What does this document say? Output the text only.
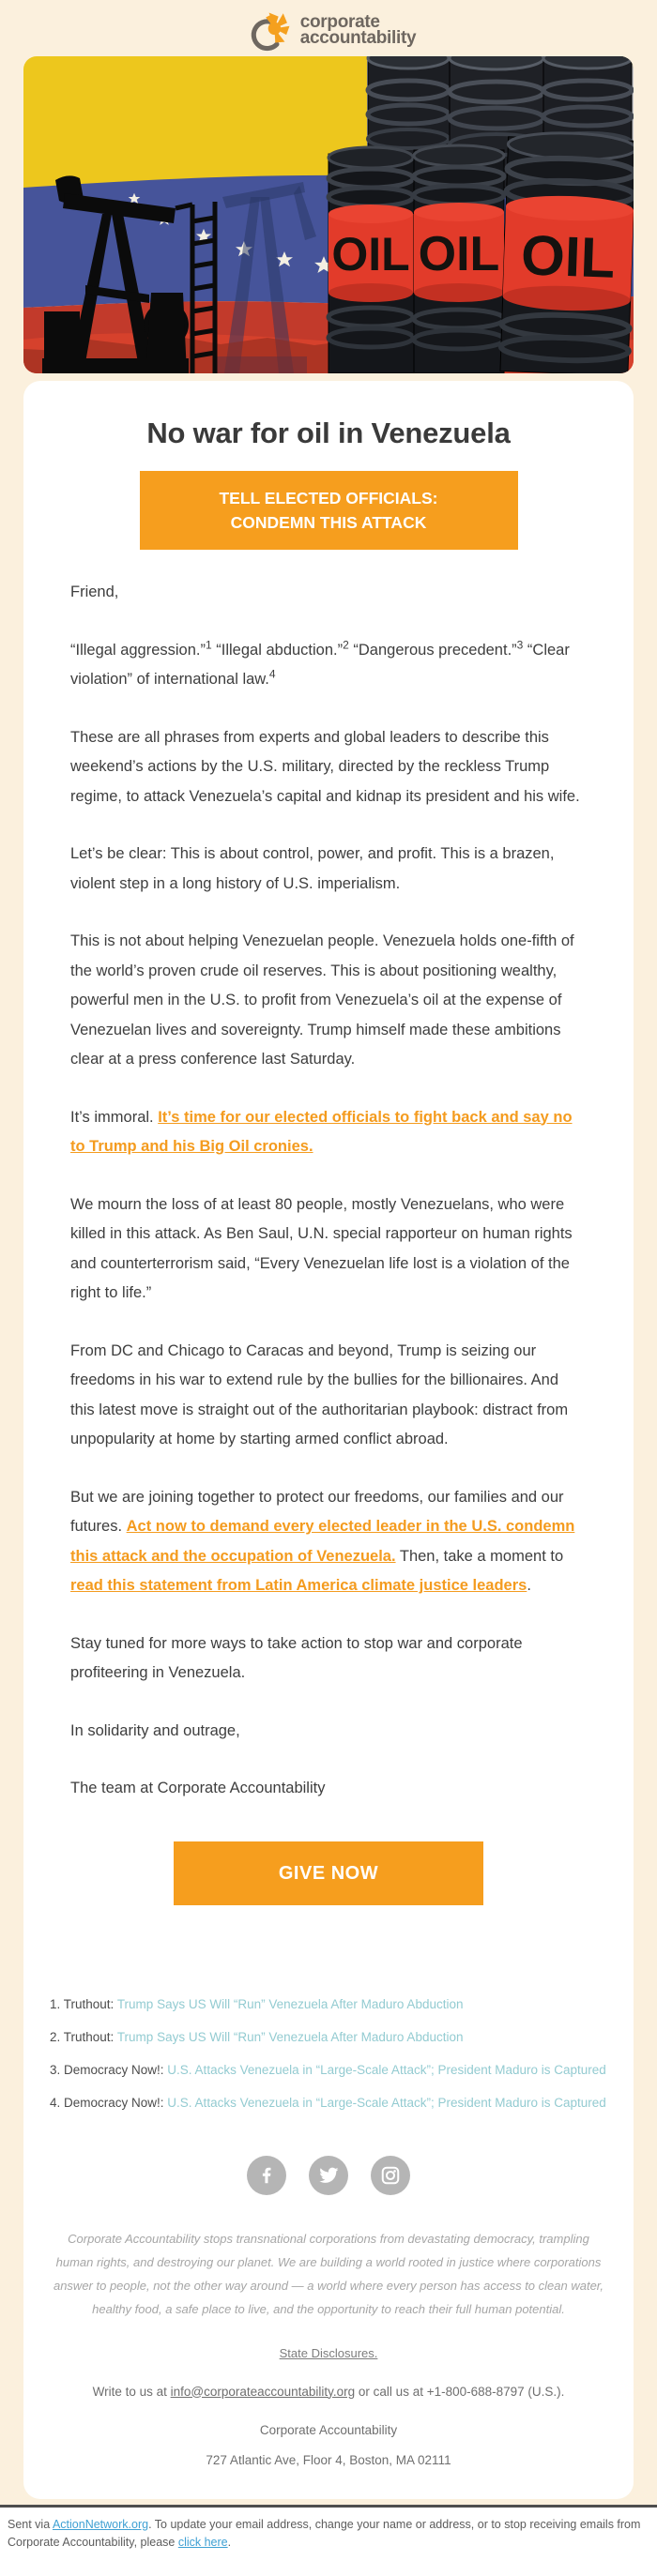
corporate
accountability
OIL OIL OIL
No war for oil in Venezuela
TELL ELECTED OFFICIALS:
CONDEMN THIS ATTACK

Friend,

“Illegal aggression.”$^1$ “Illegal abduction.”$^2$ “Dangerous precedent.”$^3$ “Clear violation” of international law.$^4$

These are all phrases from experts and global leaders to describe this weekend’s actions by the U.S. military, directed by the reckless Trump regime, to attack Venezuela’s capital and kidnap its president and his wife.

Let’s be clear: This is about control, power, and profit. This is a brazen, violent step in a long history of U.S. imperialism.

This is not about helping Venezuelan people. Venezuela holds one-fifth of the world’s proven crude oil reserves. This is about positioning wealthy, powerful men in the U.S. to profit from Venezuela’s oil at the expense of Venezuelan lives and sovereignty. Trump himself made these ambitions clear at a press conference last Saturday.

It’s immoral. It’s time for our elected officials to fight back and say no to Trump and his Big Oil cronies.

We mourn the loss of at least 80 people, mostly Venezuelans, who were killed in this attack. As Ben Saul, U.N. special rapporteur on human rights and counterterrorism said, “Every Venezuelan life lost is a violation of the right to life.”

From DC and Chicago to Caracas and beyond, Trump is seizing our freedoms in his war to extend rule by the bullies for the billionaires. And this latest move is straight out of the authoritarian playbook: distract from unpopularity at home by starting armed conflict abroad.

But we are joining together to protect our freedoms, our families and our futures. Act now to demand every elected leader in the U.S. condemn this attack and the occupation of Venezuela. Then, take a moment to read this statement from Latin America climate justice leaders.

Stay tuned for more ways to take action to stop war and corporate profiteering in Venezuela.

In solidarity and outrage,

The team at Corporate Accountability

GIVE NOW

1. Truthout: Trump Says US Will “Run” Venezuela After Maduro Abduction

2. Truthout: Trump Says US Will “Run” Venezuela After Maduro Abduction

3. Democracy Now!: U.S. Attacks Venezuela in “Large-Scale Attack”; President Maduro is Captured

4. Democracy Now!: U.S. Attacks Venezuela in “Large-Scale Attack”; President Maduro is Captured

Corporate Accountability stops transnational corporations from devastating democracy, trampling human rights, and destroying our planet. We are building a world rooted in justice where corporations answer to people, not the other way around — a world where every person has access to clean water, healthy food, a safe place to live, and the opportunity to reach their full human potential.

State Disclosures.

Write to us at info@corporateaccountability.org or call us at +1-800-688-8797 (U.S.).

Corporate Accountability

727 Atlantic Ave, Floor 4, Boston, MA 02111

Sent via ActionNetwork.org. To update your email address, change your name or address, or to stop receiving emails from Corporate Accountability, please click here.
